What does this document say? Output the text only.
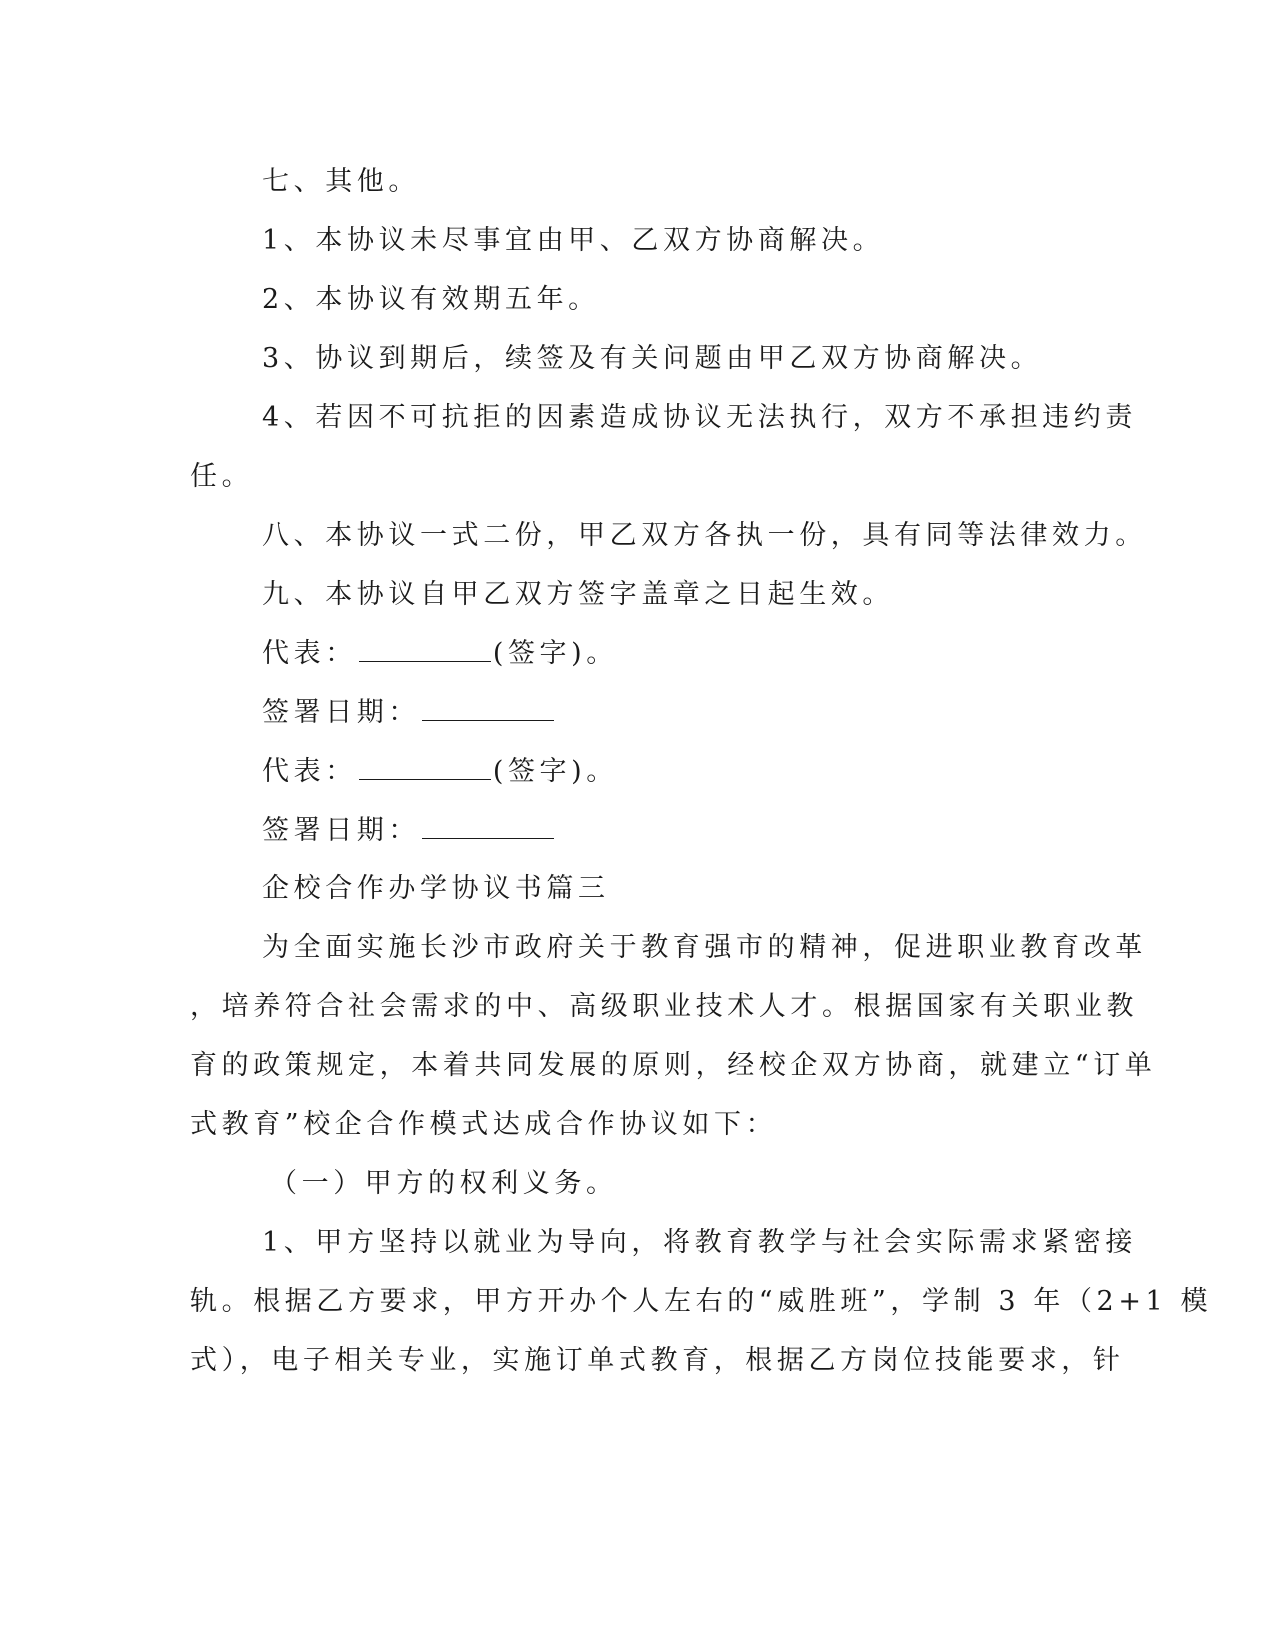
七、其他。
1、本协议未尽事宜由甲、乙双方协商解决。
2、本协议有效期五年。
3、协议到期后，续签及有关问题由甲乙双方协商解决。
4、若因不可抗拒的因素造成协议无法执行，双方不承担违约责
任。
八、本协议一式二份，甲乙双方各执一份，具有同等法律效力。
九、本协议自甲乙双方签字盖章之日起生效。
代表：	(签字)。
签署日期：
代表：	(签字)。
签署日期：
企校合作办学协议书篇三
为全面实施长沙市政府关于教育强市的精神，促进职业教育改革
，培养符合社会需求的中、高级职业技术人才。根据国家有关职业教
育的政策规定，本着共同发展的原则，经校企双方协商，就建立“订单
式教育”校企合作模式达成合作协议如下：
（一）甲方的权利义务。
1、甲方坚持以就业为导向，将教育教学与社会实际需求紧密接
轨。根据乙方要求，甲方开办个人左右的“威胜班”，学制 3 年（2+1 模
式），电子相关专业，实施订单式教育，根据乙方岗位技能要求，针
